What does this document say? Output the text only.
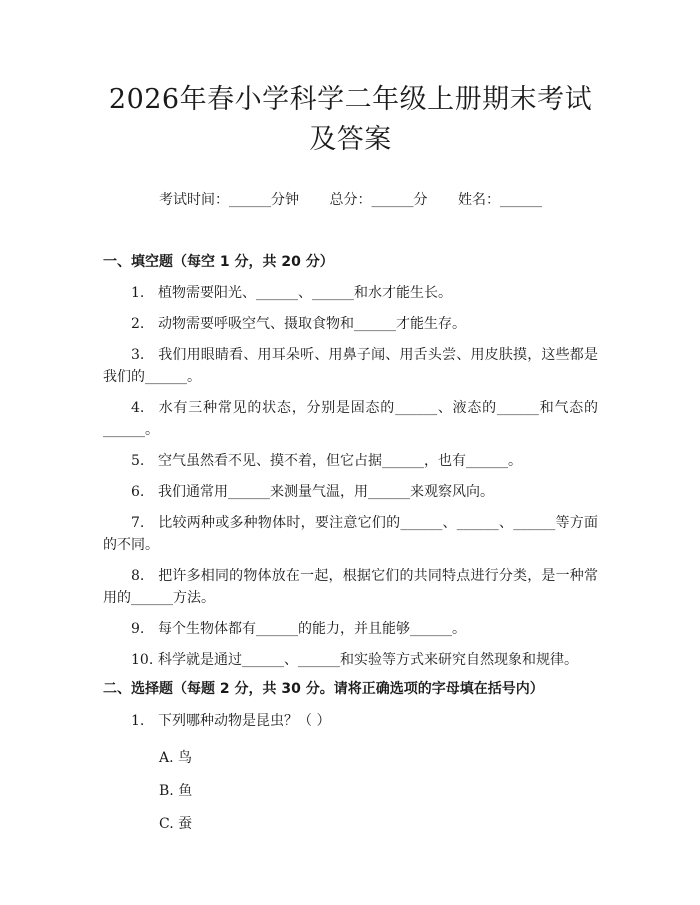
2026年春小学科学二年级上册期末考试及答案
考试时间：______分钟 总分：______分 姓名：______
一、填空题（每空 1 分，共 20 分）
1. 植物需要阳光、______、______和水才能生长。
2. 动物需要呼吸空气、摄取食物和______才能生存。
3. 我们用眼睛看、用耳朵听、用鼻子闻、用舌头尝、用皮肤摸，这些都是我们的______。
4. 水有三种常见的状态，分别是固态的______、液态的______和气态的______。
5. 空气虽然看不见、摸不着，但它占据______，也有______。
6. 我们通常用______来测量气温，用______来观察风向。
7. 比较两种或多种物体时，要注意它们的______、______、______等方面的不同。
8. 把许多相同的物体放在一起，根据它们的共同特点进行分类，是一种常用的______方法。
9. 每个生物体都有______的能力，并且能够______。
10. 科学就是通过______、______和实验等方式来研究自然现象和规律。
二、选择题（每题 2 分，共 30 分。请将正确选项的字母填在括号内）
1. 下列哪种动物是昆虫？（ ）
A. 鸟
B. 鱼
C. 蚕
